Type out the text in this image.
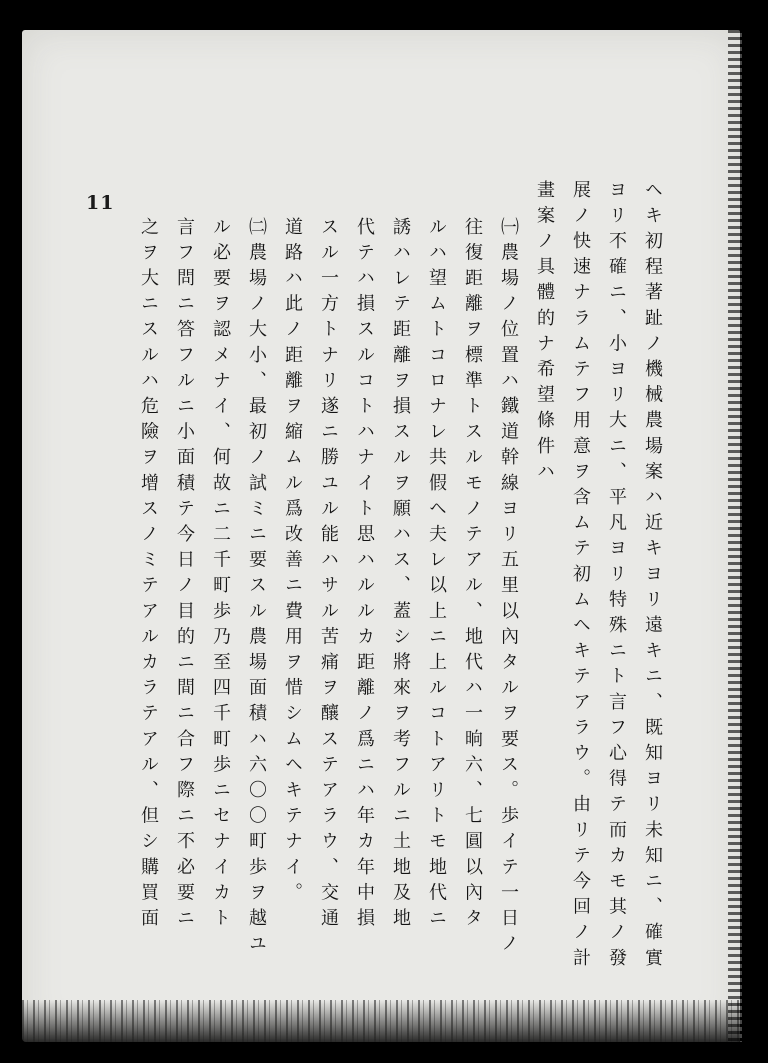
11	ヘキ初程著趾ノ機械農場案ハ近キヨリ遠キニ、既知ヨリ未知ニ、確實
ヨリ不確ニ、小ヨリ大ニ、平凡ヨリ特殊ニト言フ心得テ而カモ其ノ發
展ノ快速ナラムテフ用意ヲ含ムテ初ムヘキテアラウ。由リテ今回ノ計
畫案ノ具體的ナ希望條件ハ
㈠農場ノ位置ハ鐵道幹線ヨリ五里以內タルヲ要ス。歩イテ一日ノ
往復距離ヲ標準トスルモノテアル、地代ハ一晌六、七圓以內タ
ルハ望ムトコロナレ共假ヘ夫レ以上ニ上ルコトアリトモ地代ニ
誘ハレテ距離ヲ損スルヲ願ハス、蓋シ將來ヲ考フルニ土地及地
代テハ損スルコトハナイト思ハルルカ距離ノ爲ニハ年カ年中損
スル一方トナリ遂ニ勝ユル能ハサル苦痛ヲ釀ステアラウ、交通
道路ハ此ノ距離ヲ縮ムル爲改善ニ費用ヲ惜シムヘキテナイ。
㈡農場ノ大小、最初ノ試ミニ要スル農場面積ハ六〇〇町歩ヲ越ユ
ル必要ヲ認メナイ、何故ニ二千町歩乃至四千町歩ニセナイカト
言フ問ニ答フルニ小面積テ今日ノ目的ニ間ニ合フ際ニ不必要ニ
之ヲ大ニスルハ危險ヲ增スノミテアルカラテアル、但シ購買面
